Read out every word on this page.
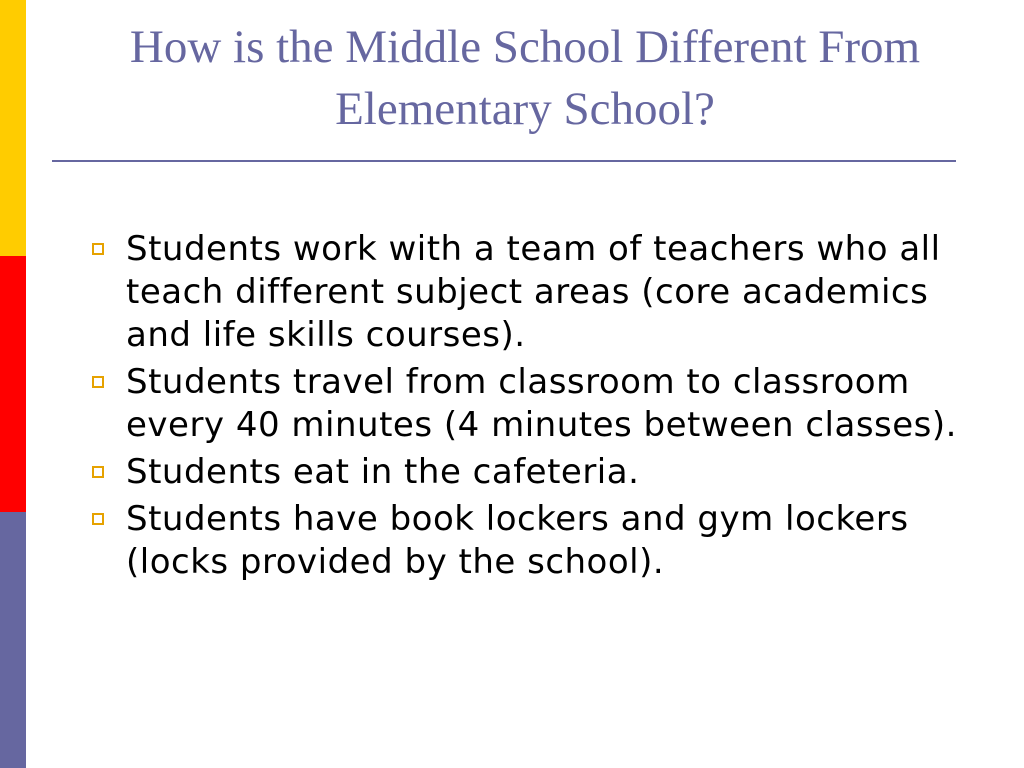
How is the Middle School Different From Elementary School?
Students work with a team of teachers who all teach different subject areas (core academics and life skills courses).
Students travel from classroom to classroom every 40 minutes (4 minutes between classes).
Students eat in the cafeteria.
Students have book lockers and gym lockers (locks provided by the school).
